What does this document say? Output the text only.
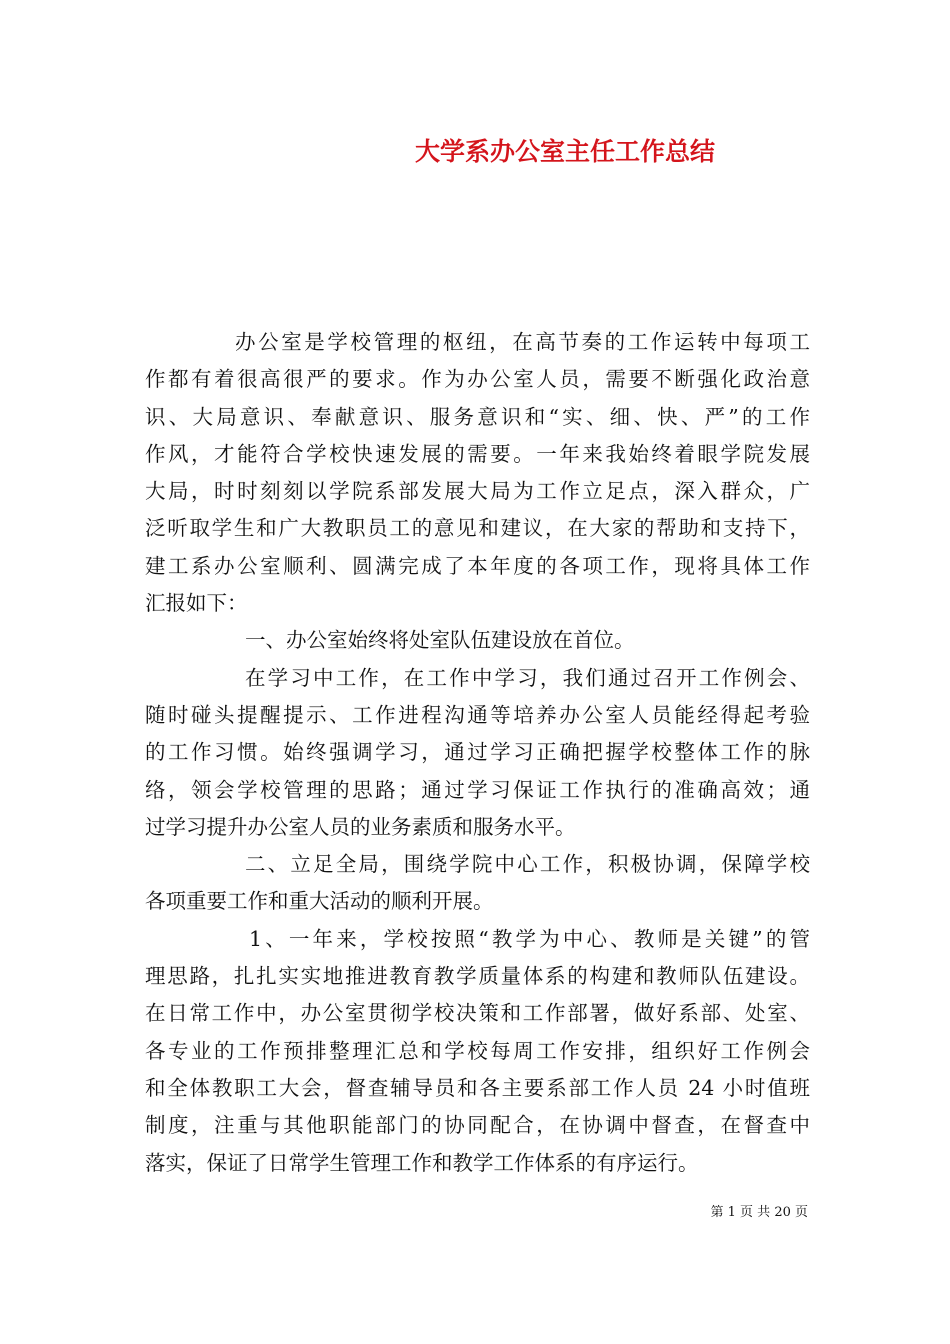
大学系办公室主任工作总结
办公室是学校管理的枢纽，在高节奏的工作运转中每项工
作都有着很高很严的要求。作为办公室人员，需要不断强化政治意
识、大局意识、奉献意识、服务意识和“实、细、快、严”的工作
作风，才能符合学校快速发展的需要。一年来我始终着眼学院发展
大局，时时刻刻以学院系部发展大局为工作立足点，深入群众，广
泛听取学生和广大教职员工的意见和建议，在大家的帮助和支持下，
建工系办公室顺利、圆满完成了本年度的各项工作，现将具体工作
汇报如下：
一、办公室始终将处室队伍建设放在首位。
在学习中工作，在工作中学习，我们通过召开工作例会、
随时碰头提醒提示、工作进程沟通等培养办公室人员能经得起考验
的工作习惯。始终强调学习，通过学习正确把握学校整体工作的脉
络，领会学校管理的思路；通过学习保证工作执行的准确高效；通
过学习提升办公室人员的业务素质和服务水平。
二、立足全局，围绕学院中心工作，积极协调，保障学校
各项重要工作和重大活动的顺利开展。
1、一年来，学校按照“教学为中心、教师是关键”的管
理思路，扎扎实实地推进教育教学质量体系的构建和教师队伍建设。
在日常工作中，办公室贯彻学校决策和工作部署，做好系部、处室、
各专业的工作预排整理汇总和学校每周工作安排，组织好工作例会
和全体教职工大会，督查辅导员和各主要系部工作人员 24 小时值班
制度，注重与其他职能部门的协同配合，在协调中督查，在督查中
落实，保证了日常学生管理工作和教学工作体系的有序运行。
第 1 页 共 20 页
